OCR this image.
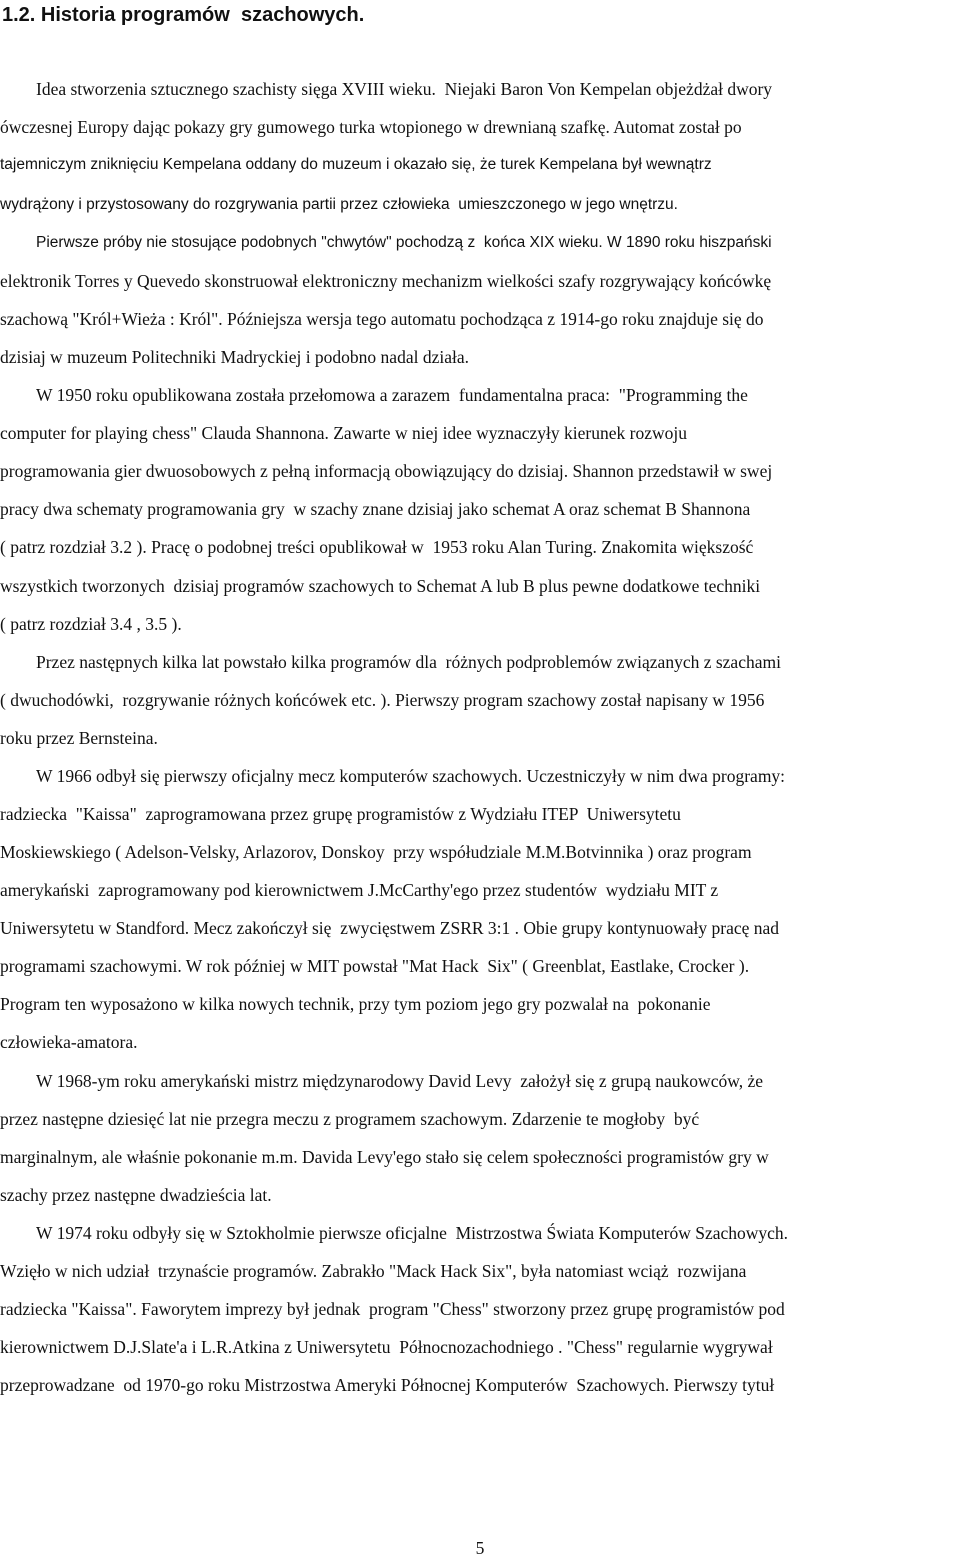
1.2. Historia programów  szachowych.

Idea stworzenia sztucznego szachisty sięga XVIII wieku.  Niejaki Baron Von Kempelan objeżdżał dwory

ówczesnej Europy dając pokazy gry gumowego turka wtopionego w drewnianą szafkę. Automat został po

tajemniczym zniknięciu Kempelana oddany do muzeum i okazało się, że turek Kempelana był wewnątrz

wydrążony i przystosowany do rozgrywania partii przez człowieka  umieszczonego w jego wnętrzu.

Pierwsze próby nie stosujące podobnych "chwytów" pochodzą z  końca XIX wieku. W 1890 roku hiszpański

elektronik Torres y Quevedo skonstruował elektroniczny mechanizm wielkości szafy rozgrywający końcówkę

szachową "Król+Wieża : Król". Późniejsza wersja tego automatu pochodząca z 1914-go roku znajduje się do

dzisiaj w muzeum Politechniki Madryckiej i podobno nadal działa.

W 1950 roku opublikowana została przełomowa a zarazem  fundamentalna praca:  "Programming the

computer for playing chess" Clauda Shannona. Zawarte w niej idee wyznaczyły kierunek rozwoju

programowania gier dwuosobowych z pełną informacją obowiązujący do dzisiaj. Shannon przedstawił w swej

pracy dwa schematy programowania gry  w szachy znane dzisiaj jako schemat A oraz schemat B Shannona

( patrz rozdział 3.2 ). Pracę o podobnej treści opublikował w  1953 roku Alan Turing. Znakomita większość

wszystkich tworzonych  dzisiaj programów szachowych to Schemat A lub B plus pewne dodatkowe techniki

( patrz rozdział 3.4 , 3.5 ).

Przez następnych kilka lat powstało kilka programów dla  różnych podproblemów związanych z szachami

( dwuchodówki,  rozgrywanie różnych końcówek etc. ). Pierwszy program szachowy został napisany w 1956

roku przez Bernsteina.

W 1966 odbył się pierwszy oficjalny mecz komputerów szachowych. Uczestniczyły w nim dwa programy:

radziecka  "Kaissa"  zaprogramowana przez grupę programistów z Wydziału ITEP  Uniwersytetu

Moskiewskiego ( Adelson-Velsky, Arlazorov, Donskoy  przy współudziale M.M.Botvinnika ) oraz program

amerykański  zaprogramowany pod kierownictwem J.McCarthy'ego przez studentów  wydziału MIT z

Uniwersytetu w Standford. Mecz zakończył się  zwycięstwem ZSRR 3:1 . Obie grupy kontynuowały pracę nad

programami szachowymi. W rok później w MIT powstał "Mat Hack  Six" ( Greenblat, Eastlake, Crocker ).

Program ten wyposażono w kilka nowych technik, przy tym poziom jego gry pozwalał na  pokonanie

człowieka-amatora.

W 1968-ym roku amerykański mistrz międzynarodowy David Levy  założył się z grupą naukowców, że

przez następne dziesięć lat nie przegra meczu z programem szachowym. Zdarzenie te mogłoby  być

marginalnym, ale właśnie pokonanie m.m. Davida Levy'ego stało się celem społeczności programistów gry w

szachy przez następne dwadzieścia lat.

W 1974 roku odbyły się w Sztokholmie pierwsze oficjalne  Mistrzostwa Świata Komputerów Szachowych.

Wzięło w nich udział  trzynaście programów. Zabrakło "Mack Hack Six", była natomiast wciąż  rozwijana

radziecka "Kaissa". Faworytem imprezy był jednak  program "Chess" stworzony przez grupę programistów pod

kierownictwem D.J.Slate'a i L.R.Atkina z Uniwersytetu  Północnozachodniego . "Chess" regularnie wygrywał

przeprowadzane  od 1970-go roku Mistrzostwa Ameryki Północnej Komputerów  Szachowych. Pierwszy tytuł

5
